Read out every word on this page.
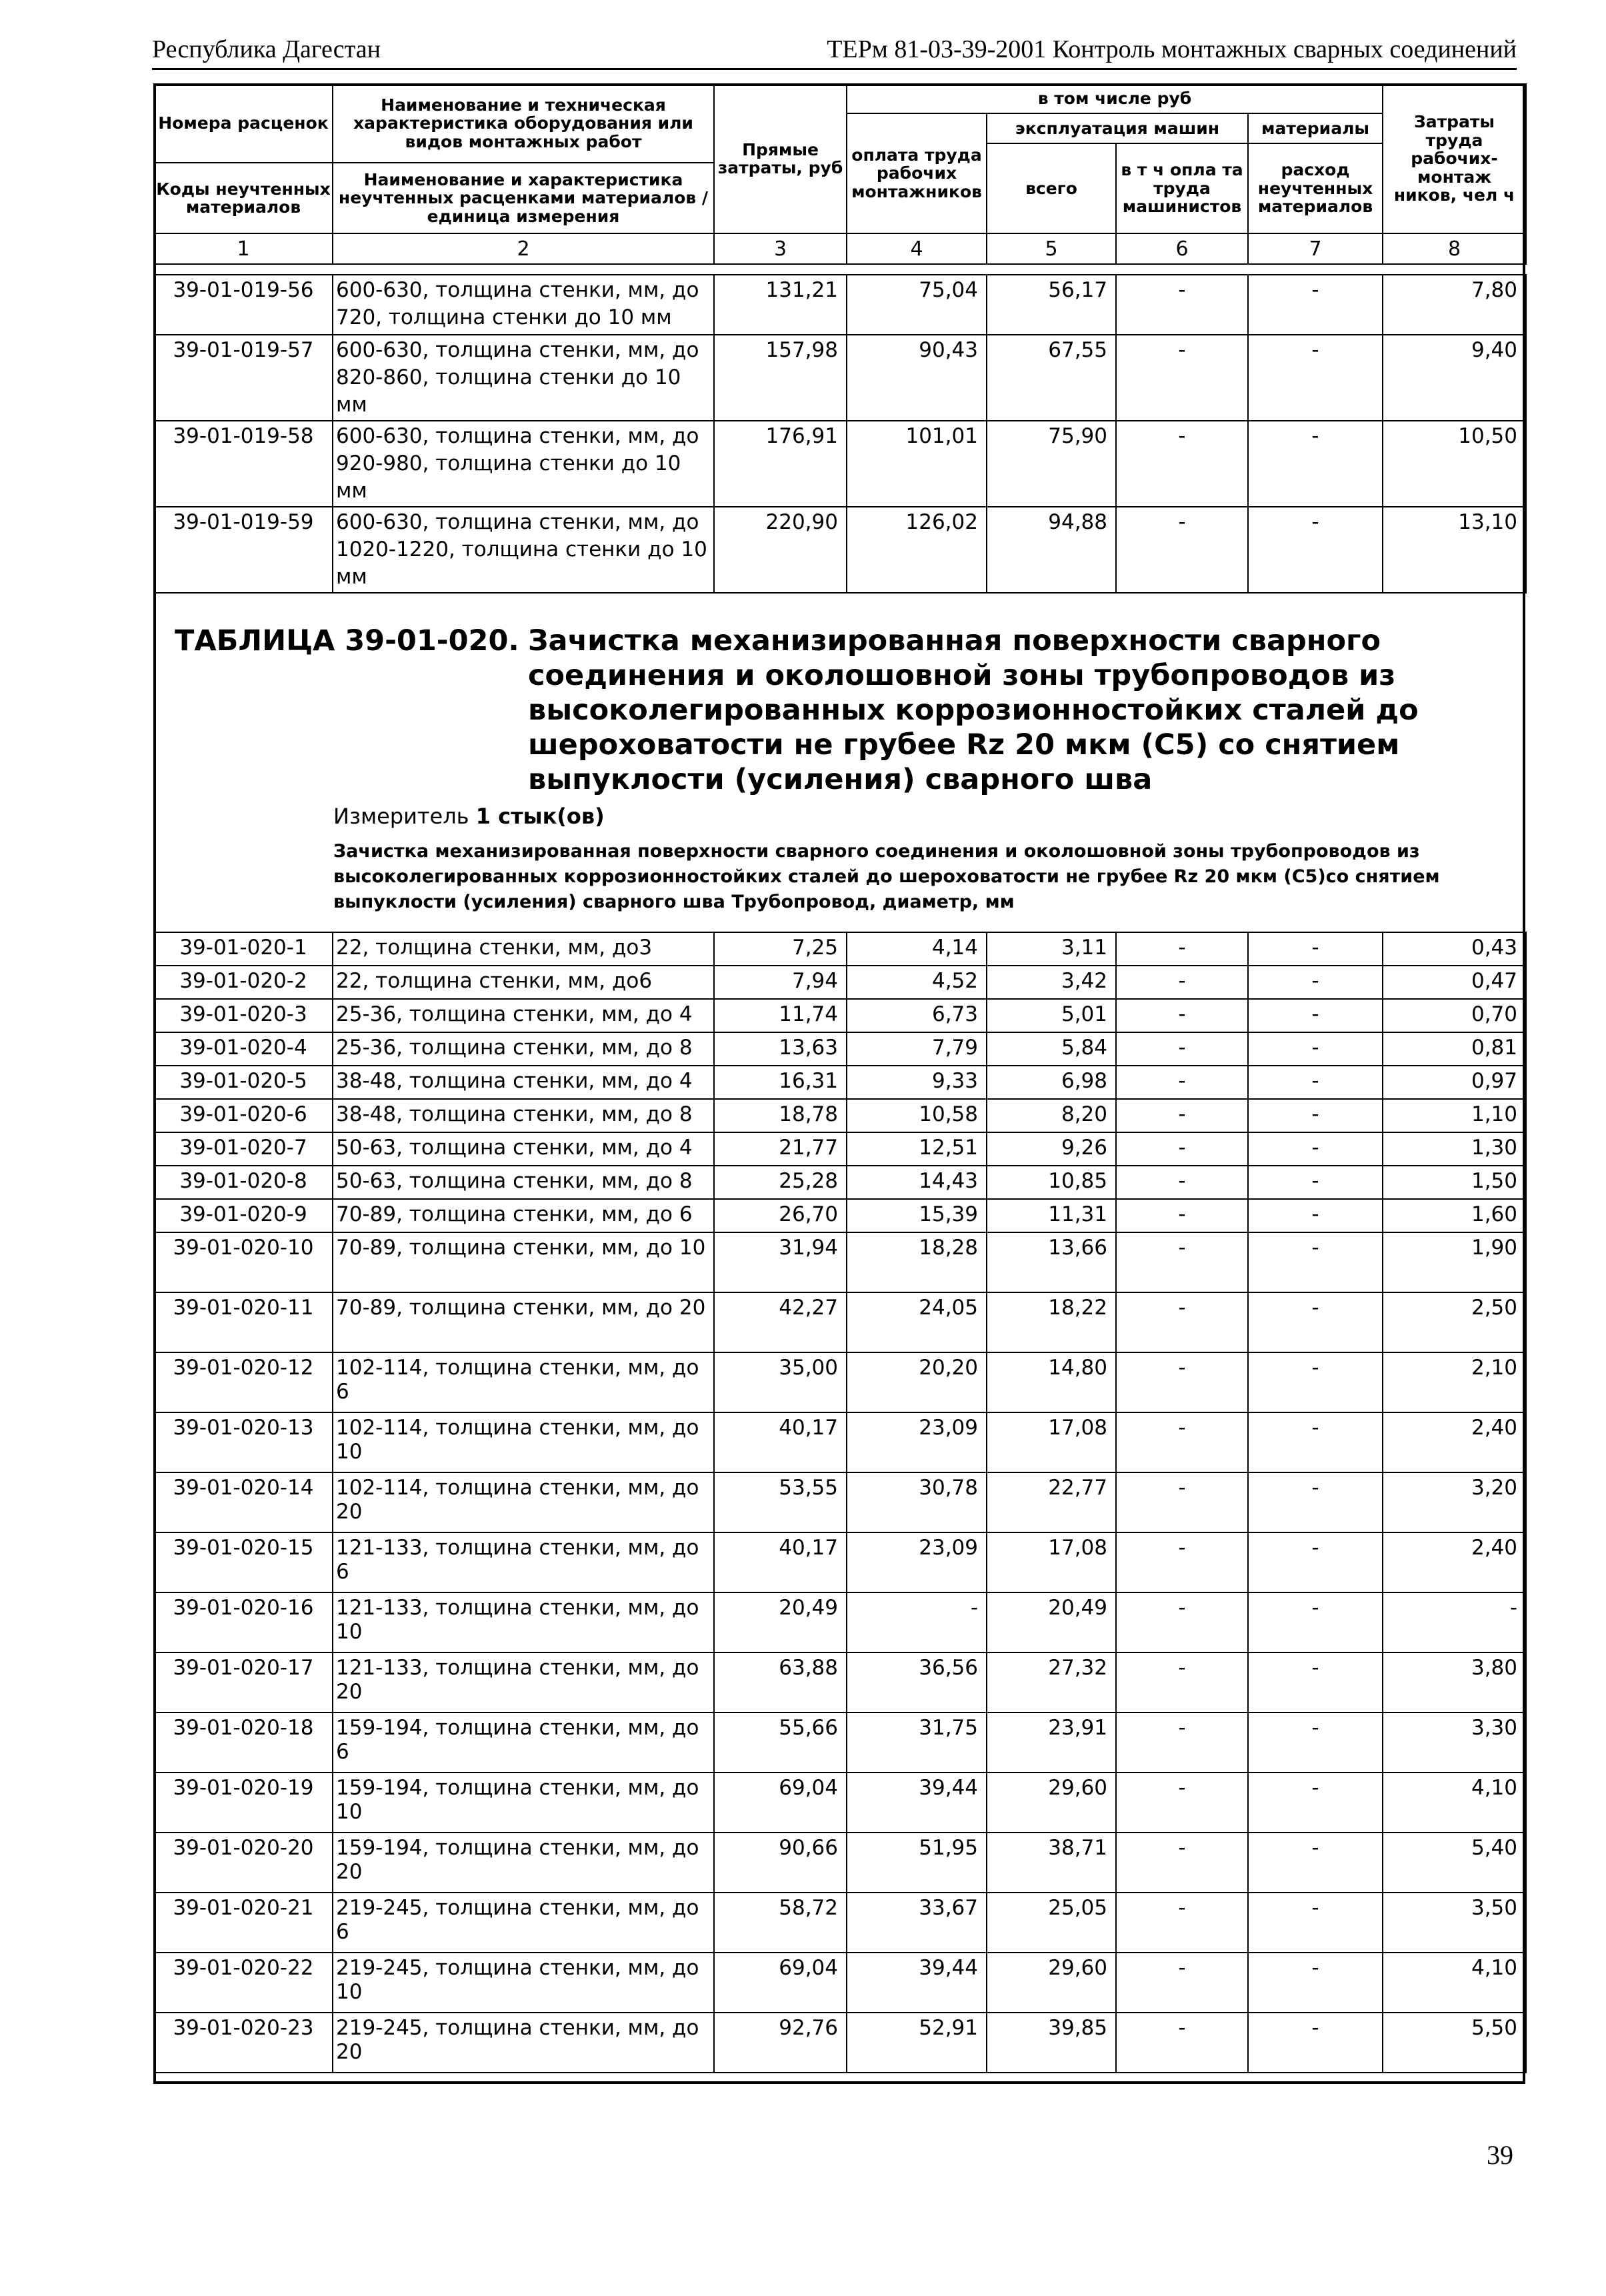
Республика Дагестан	ТЕРм 81-03-39-2001 Контроль монтажных сварных соединений
Номера расценок	Наименование и техническая характеристика оборудования или видов монтажных работ	Прямые затраты, руб	в том числе руб				Затраты труда рабочих-монтаж ников, чел ч
			оплата труда рабочих монтажников	эксплуатация машин		материалы	
				всего	в т ч опла та труда машинистов	расход неучтенных материалов	
Коды неучтенных материалов	Наименование и характеристика неучтенных расценками материалов / единица измерения						
1	2	3	4	5	6	7	8
39-01-019-56	600-630, толщина стенки, мм, до 720, толщина стенки до 10 мм	131,21	75,04	56,17	-	-	7,80
39-01-019-57	600-630, толщина стенки, мм, до 820-860, толщина стенки до 10 мм	157,98	90,43	67,55	-	-	9,40
39-01-019-58	600-630, толщина стенки, мм, до 920-980, толщина стенки до 10 мм	176,91	101,01	75,90	-	-	10,50
39-01-019-59	600-630, толщина стенки, мм, до 1020-1220, толщина стенки до 10 мм	220,90	126,02	94,88	-	-	13,10
ТАБЛИЦА 39-01-020. Зачистка механизированная поверхности сварного соединения и околошовной зоны трубопроводов из высоколегированных коррозионностойких сталей до шероховатости не грубее Rz 20 мкм (С5) со снятием выпуклости (усиления) сварного шва
Измеритель 1 стык(ов)
Зачистка механизированная поверхности сварного соединения и околошовной зоны трубопроводов из высоколегированных коррозионностойких сталей до шероховатости не грубее Rz 20 мкм (С5)со снятием выпуклости (усиления) сварного шва Трубопровод, диаметр, мм
39-01-020-1	22, толщина стенки, мм, до3	7,25	4,14	3,11	-	-	0,43
39-01-020-2	22, толщина стенки, мм, до6	7,94	4,52	3,42	-	-	0,47
39-01-020-3	25-36, толщина стенки, мм, до 4	11,74	6,73	5,01	-	-	0,70
39-01-020-4	25-36, толщина стенки, мм, до 8	13,63	7,79	5,84	-	-	0,81
39-01-020-5	38-48, толщина стенки, мм, до 4	16,31	9,33	6,98	-	-	0,97
39-01-020-6	38-48, толщина стенки, мм, до 8	18,78	10,58	8,20	-	-	1,10
39-01-020-7	50-63, толщина стенки, мм, до 4	21,77	12,51	9,26	-	-	1,30
39-01-020-8	50-63, толщина стенки, мм, до 8	25,28	14,43	10,85	-	-	1,50
39-01-020-9	70-89, толщина стенки, мм, до 6	26,70	15,39	11,31	-	-	1,60
39-01-020-10	70-89, толщина стенки, мм, до 10	31,94	18,28	13,66	-	-	1,90
39-01-020-11	70-89, толщина стенки, мм, до 20	42,27	24,05	18,22	-	-	2,50
39-01-020-12	102-114, толщина стенки, мм, до 6	35,00	20,20	14,80	-	-	2,10
39-01-020-13	102-114, толщина стенки, мм, до 10	40,17	23,09	17,08	-	-	2,40
39-01-020-14	102-114, толщина стенки, мм, до 20	53,55	30,78	22,77	-	-	3,20
39-01-020-15	121-133, толщина стенки, мм, до 6	40,17	23,09	17,08	-	-	2,40
39-01-020-16	121-133, толщина стенки, мм, до 10	20,49	-	20,49	-	-	-
39-01-020-17	121-133, толщина стенки, мм, до 20	63,88	36,56	27,32	-	-	3,80
39-01-020-18	159-194, толщина стенки, мм, до 6	55,66	31,75	23,91	-	-	3,30
39-01-020-19	159-194, толщина стенки, мм, до 10	69,04	39,44	29,60	-	-	4,10
39-01-020-20	159-194, толщина стенки, мм, до 20	90,66	51,95	38,71	-	-	5,40
39-01-020-21	219-245, толщина стенки, мм, до 6	58,72	33,67	25,05	-	-	3,50
39-01-020-22	219-245, толщина стенки, мм, до 10	69,04	39,44	29,60	-	-	4,10
39-01-020-23	219-245, толщина стенки, мм, до 20	92,76	52,91	39,85	-	-	5,50
39
